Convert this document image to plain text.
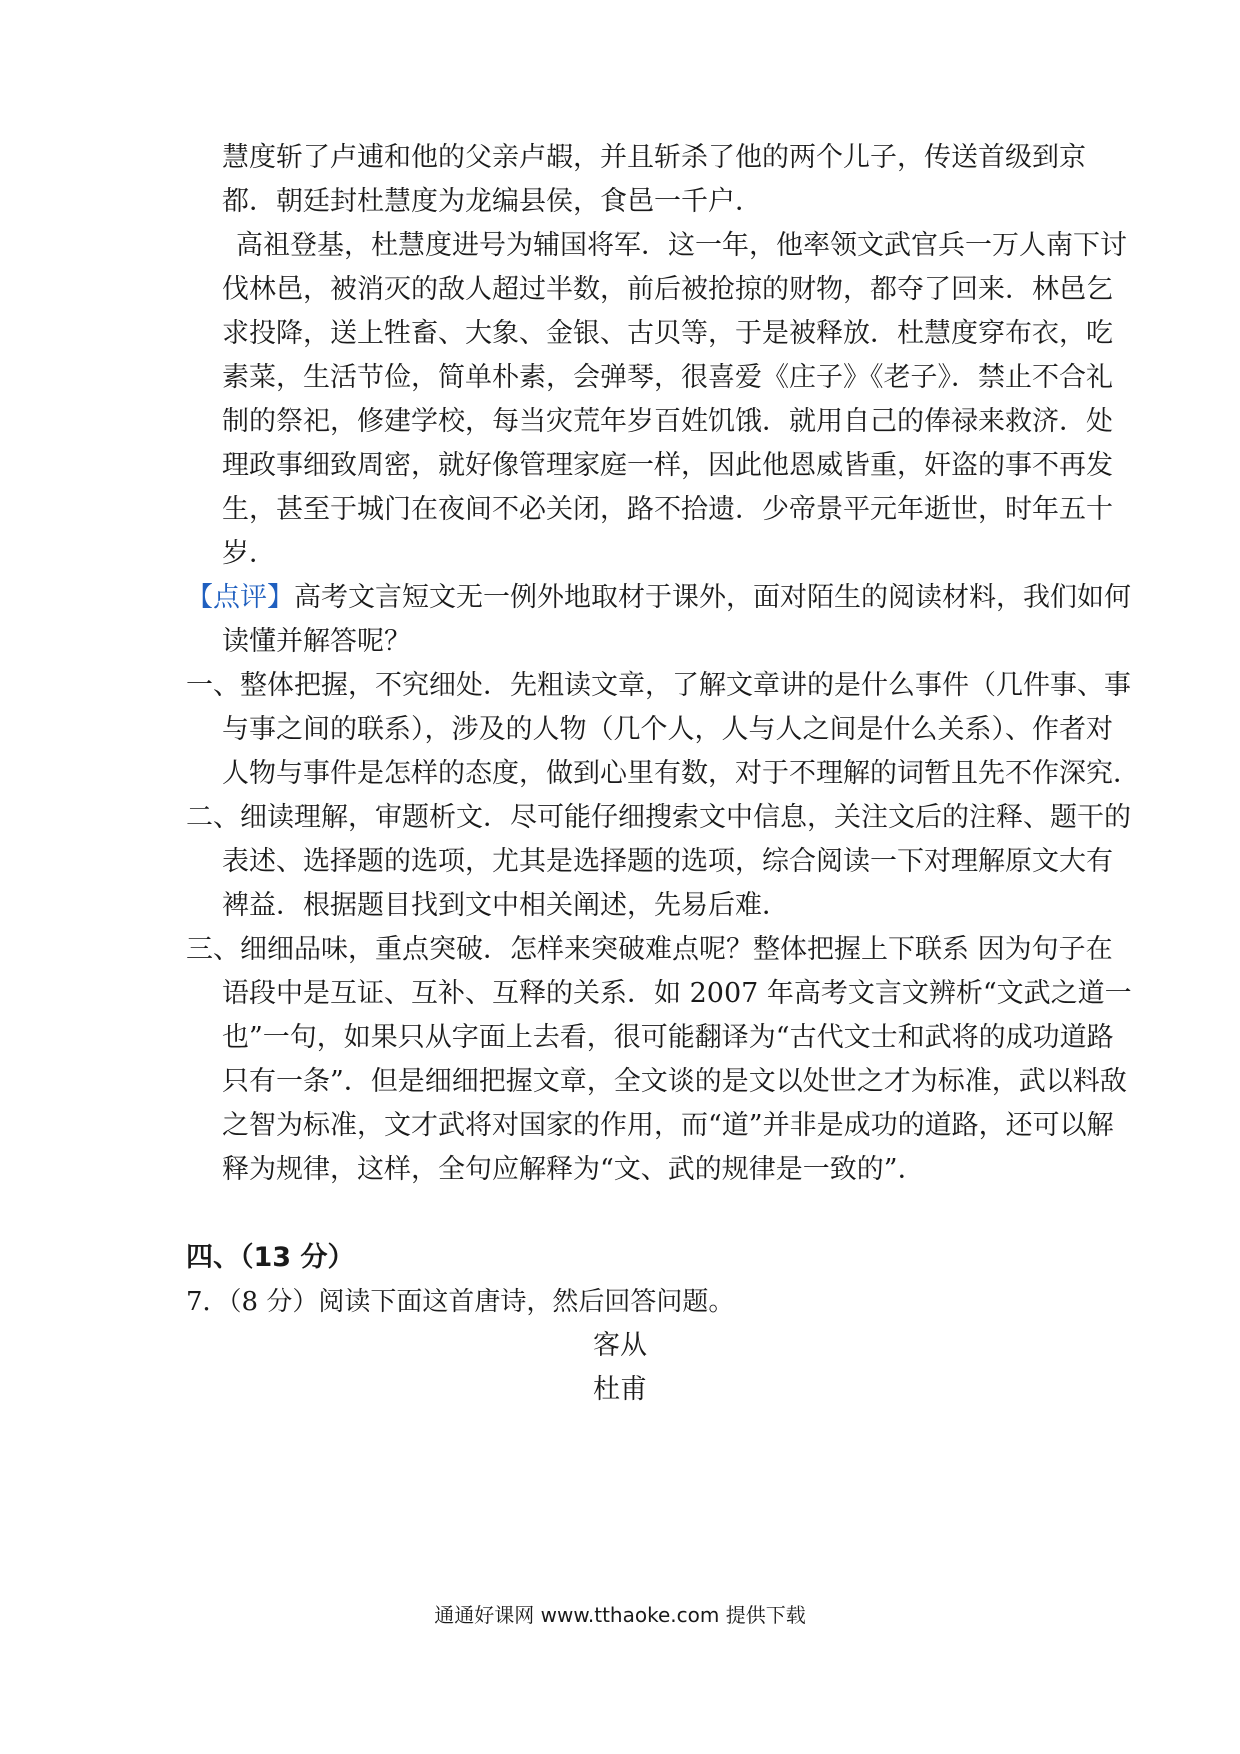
慧度斩了卢逋和他的父亲卢嘏，并且斩杀了他的两个儿子，传送首级到京
都．朝廷封杜慧度为龙编县侯，食邑一千户．
高祖登基，杜慧度进号为辅国将军．这一年，他率领文武官兵一万人南下讨
伐林邑，被消灭的敌人超过半数，前后被抢掠的财物，都夺了回来．林邑乞
求投降，送上牲畜、大象、金银、古贝等，于是被释放．杜慧度穿布衣，吃
素菜，生活节俭，简单朴素，会弹琴，很喜爱《庄子》《老子》．禁止不合礼
制的祭祀，修建学校，每当灾荒年岁百姓饥饿．就用自己的俸禄来救济．处
理政事细致周密，就好像管理家庭一样，因此他恩威皆重，奸盗的事不再发
生，甚至于城门在夜间不必关闭，路不拾遗．少帝景平元年逝世，时年五十
岁．
【点评】高考文言短文无一例外地取材于课外，面对陌生的阅读材料，我们如何
读懂并解答呢？
一、整体把握，不究细处．先粗读文章，了解文章讲的是什么事件（几件事、事
与事之间的联系），涉及的人物（几个人，人与人之间是什么关系）、作者对
人物与事件是怎样的态度，做到心里有数，对于不理解的词暂且先不作深究．
二、细读理解，审题析文．尽可能仔细搜索文中信息，关注文后的注释、题干的
表述、选择题的选项，尤其是选择题的选项，综合阅读一下对理解原文大有
裨益．根据题目找到文中相关阐述，先易后难．
三、细细品味，重点突破．怎样来突破难点呢？整体把握上下联系 因为句子在
语段中是互证、互补、互释的关系．如 2007 年高考文言文辨析“文武之道一
也”一句，如果只从字面上去看，很可能翻译为“古代文士和武将的成功道路
只有一条”．但是细细把握文章，全文谈的是文以处世之才为标准，武以料敌
之智为标准，文才武将对国家的作用，而“道”并非是成功的道路，还可以解
释为规律，这样，全句应解释为“文、武的规律是一致的”．
四、（13 分）
7．（8 分）阅读下面这首唐诗，然后回答问题。
客从
杜甫
通通好课网 www.tthaoke.com 提供下载
